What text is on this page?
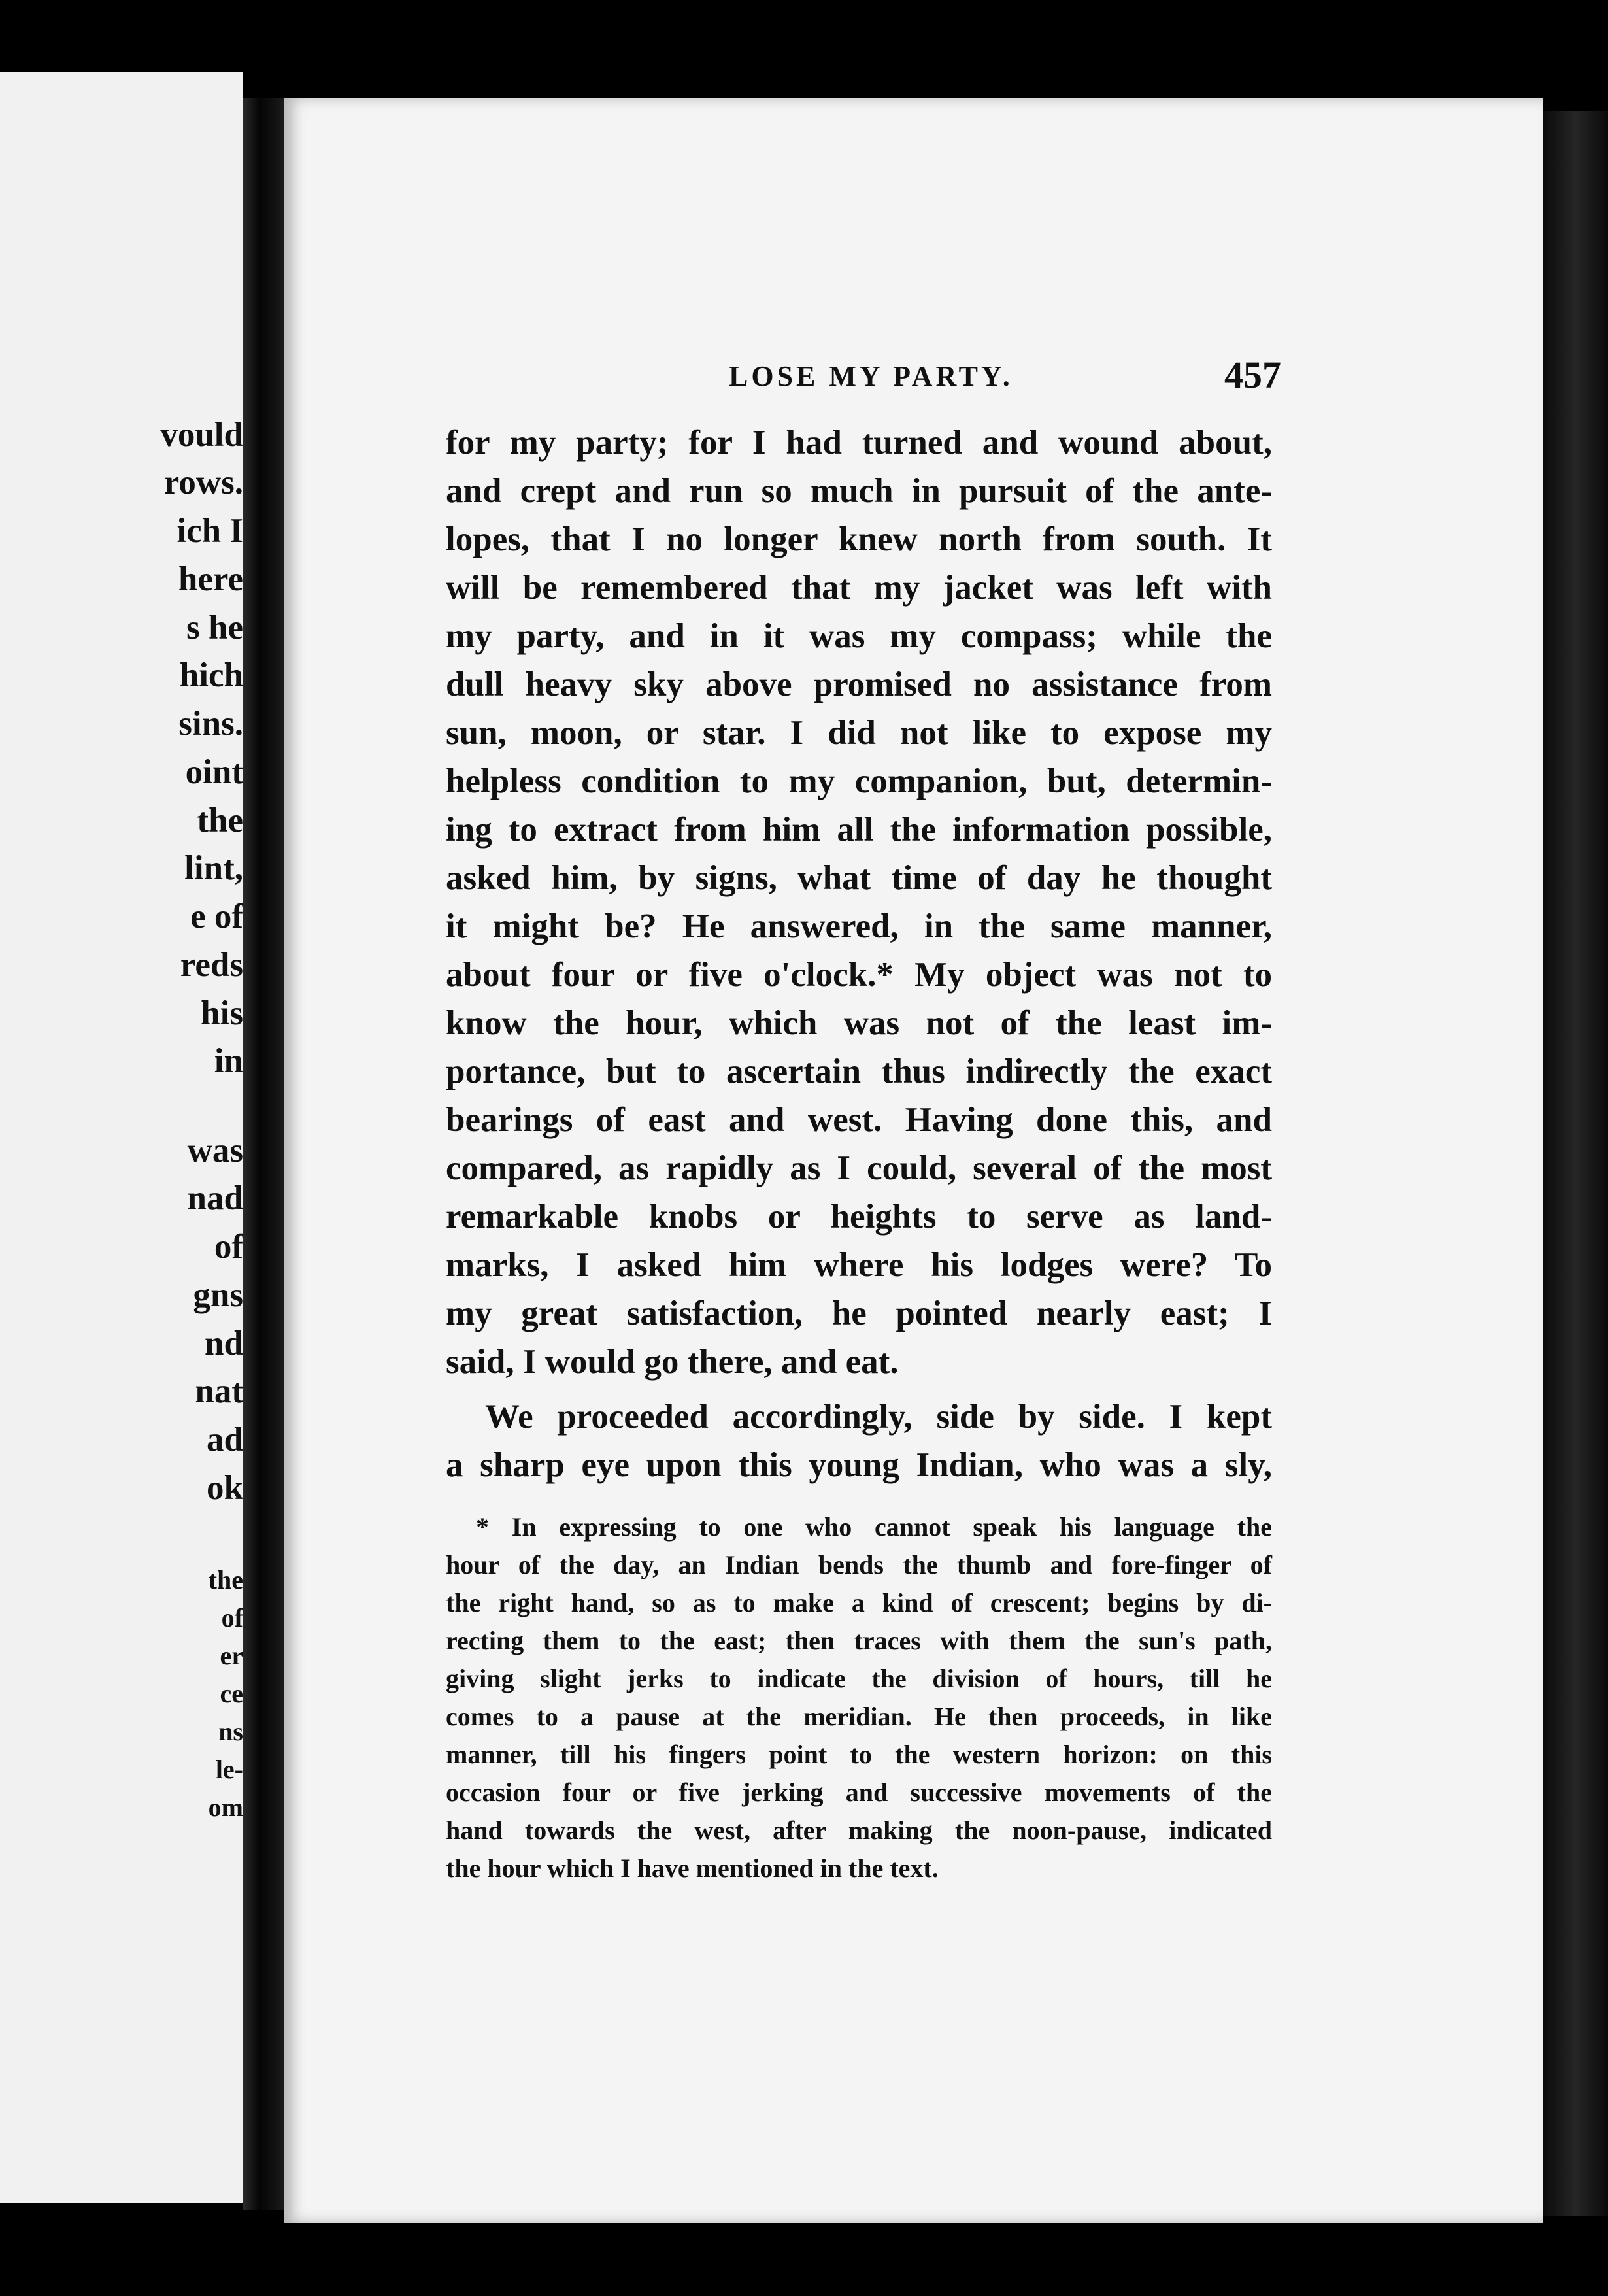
vould
rows.
ich I
here
s he
hich
sins.
oint
the
lint,
e of
reds
his
in
was
nad
of
gns
nd
nat
ad
ok
the
of
er
ce
ns
le-
om
LOSE MY PARTY.	457
for my party; for I had turned and wound about,
and crept and run so much in pursuit of the ante-
lopes, that I no longer knew north from south. It
will be remembered that my jacket was left with
my party, and in it was my compass; while the
dull heavy sky above promised no assistance from
sun, moon, or star. I did not like to expose my
helpless condition to my companion, but, determin-
ing to extract from him all the information possible,
asked him, by signs, what time of day he thought
it might be? He answered, in the same manner,
about four or five o'clock.* My object was not to
know the hour, which was not of the least im-
portance, but to ascertain thus indirectly the exact
bearings of east and west. Having done this, and
compared, as rapidly as I could, several of the most
remarkable knobs or heights to serve as land-
marks, I asked him where his lodges were? To
my great satisfaction, he pointed nearly east; I
said, I would go there, and eat.
We proceeded accordingly, side by side. I kept
a sharp eye upon this young Indian, who was a sly,
* In expressing to one who cannot speak his language the
hour of the day, an Indian bends the thumb and fore-finger of
the right hand, so as to make a kind of crescent; begins by di-
recting them to the east; then traces with them the sun's path,
giving slight jerks to indicate the division of hours, till he
comes to a pause at the meridian. He then proceeds, in like
manner, till his fingers point to the western horizon: on this
occasion four or five jerking and successive movements of the
hand towards the west, after making the noon-pause, indicated
the hour which I have mentioned in the text.
